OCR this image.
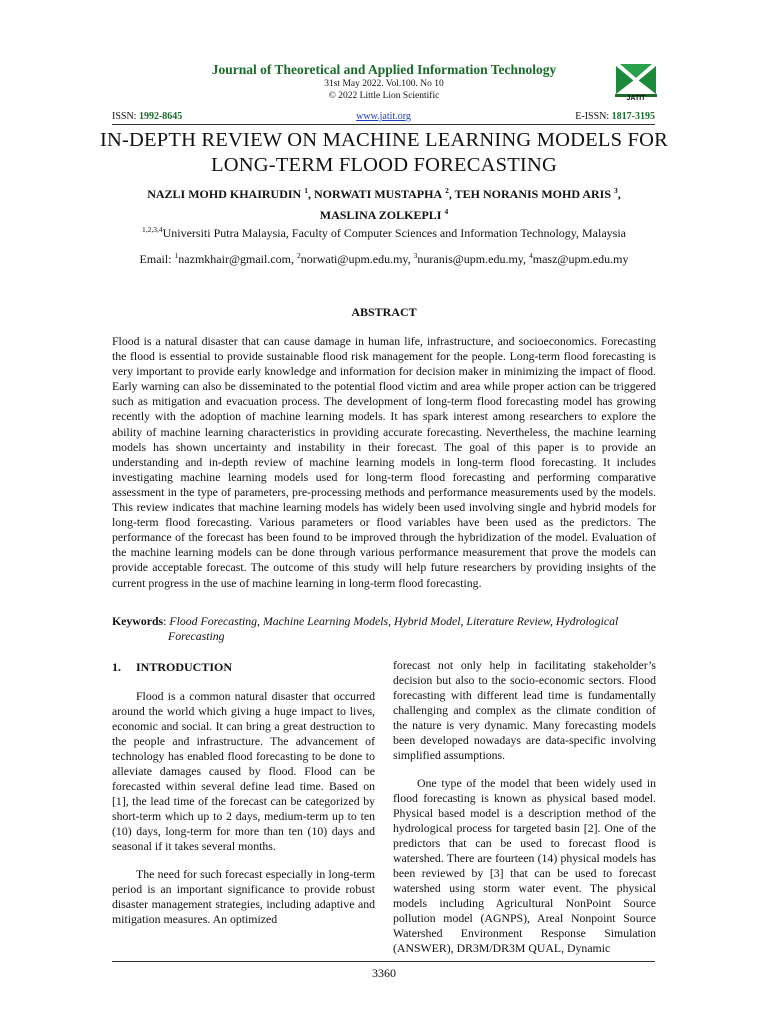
Journal of Theoretical and Applied Information Technology
31st May 2022. Vol.100. No 10
© 2022 Little Lion Scientific	JATIT
ISSN: 1992-8645	www.jatit.org	E-ISSN: 1817-3195
IN-DEPTH REVIEW ON MACHINE LEARNING MODELS FOR LONG-TERM FLOOD FORECASTING
NAZLI MOHD KHAIRUDIN $^1$, NORWATI MUSTAPHA $^2$, TEH NORANIS MOHD ARIS $^3$,
MASLINA ZOLKEPLI $^4$
$^{1,2,3,4}$Universiti Putra Malaysia, Faculty of Computer Sciences and Information Technology, Malaysia
Email: $^1$nazmkhair@gmail.com, $^2$norwati@upm.edu.my, $^3$nuranis@upm.edu.my, $^4$masz@upm.edu.my
ABSTRACT
Flood is a natural disaster that can cause damage in human life, infrastructure, and socioeconomics. Forecasting the flood is essential to provide sustainable flood risk management for the people. Long-term flood forecasting is very important to provide early knowledge and information for decision maker in minimizing the impact of flood. Early warning can also be disseminated to the potential flood victim and area while proper action can be triggered such as mitigation and evacuation process. The development of long-term flood forecasting model has growing recently with the adoption of machine learning models. It has spark interest among researchers to explore the ability of machine learning characteristics in providing accurate forecasting. Nevertheless, the machine learning models has shown uncertainty and instability in their forecast. The goal of this paper is to provide an understanding and in-depth review of machine learning models in long-term flood forecasting. It includes investigating machine learning models used for long-term flood forecasting and performing comparative assessment in the type of parameters, pre-processing methods and performance measurements used by the models. This review indicates that machine learning models has widely been used involving single and hybrid models for long-term flood forecasting. Various parameters or flood variables have been used as the predictors. The performance of the forecast has been found to be improved through the hybridization of the model. Evaluation of the machine learning models can be done through various performance measurement that prove the models can provide acceptable forecast. The outcome of this study will help future researchers by providing insights of the current progress in the use of machine learning in long-term flood forecasting.
Keywords: Flood Forecasting, Machine Learning Models, Hybrid Model, Literature Review, Hydrological
Forecasting
1. INTRODUCTION

Flood is a common natural disaster that occurred around the world which giving a huge impact to lives, economic and social. It can bring a great destruction to the people and infrastructure. The advancement of technology has enabled flood forecasting to be done to alleviate damages caused by flood. Flood can be forecasted within several define lead time. Based on [1], the lead time of the forecast can be categorized by short-term which up to 2 days, medium-term up to ten (10) days, long-term for more than ten (10) days and seasonal if it takes several months.

The need for such forecast especially in long-term period is an important significance to provide robust disaster management strategies, including adaptive and mitigation measures. An optimized

forecast not only help in facilitating stakeholder’s decision but also to the socio-economic sectors. Flood forecasting with different lead time is fundamentally challenging and complex as the climate condition of the nature is very dynamic. Many forecasting models been developed nowadays are data-specific involving simplified assumptions.

One type of the model that been widely used in flood forecasting is known as physical based model. Physical based model is a description method of the hydrological process for targeted basin [2]. One of the predictors that can be used to forecast flood is watershed. There are fourteen (14) physical models has been reviewed by [3] that can be used to forecast watershed using storm water event. The physical models including Agricultural NonPoint Source pollution model (AGNPS), Areal Nonpoint Source Watershed Environment Response Simulation (ANSWER), DR3M/DR3M QUAL, Dynamic

3360
